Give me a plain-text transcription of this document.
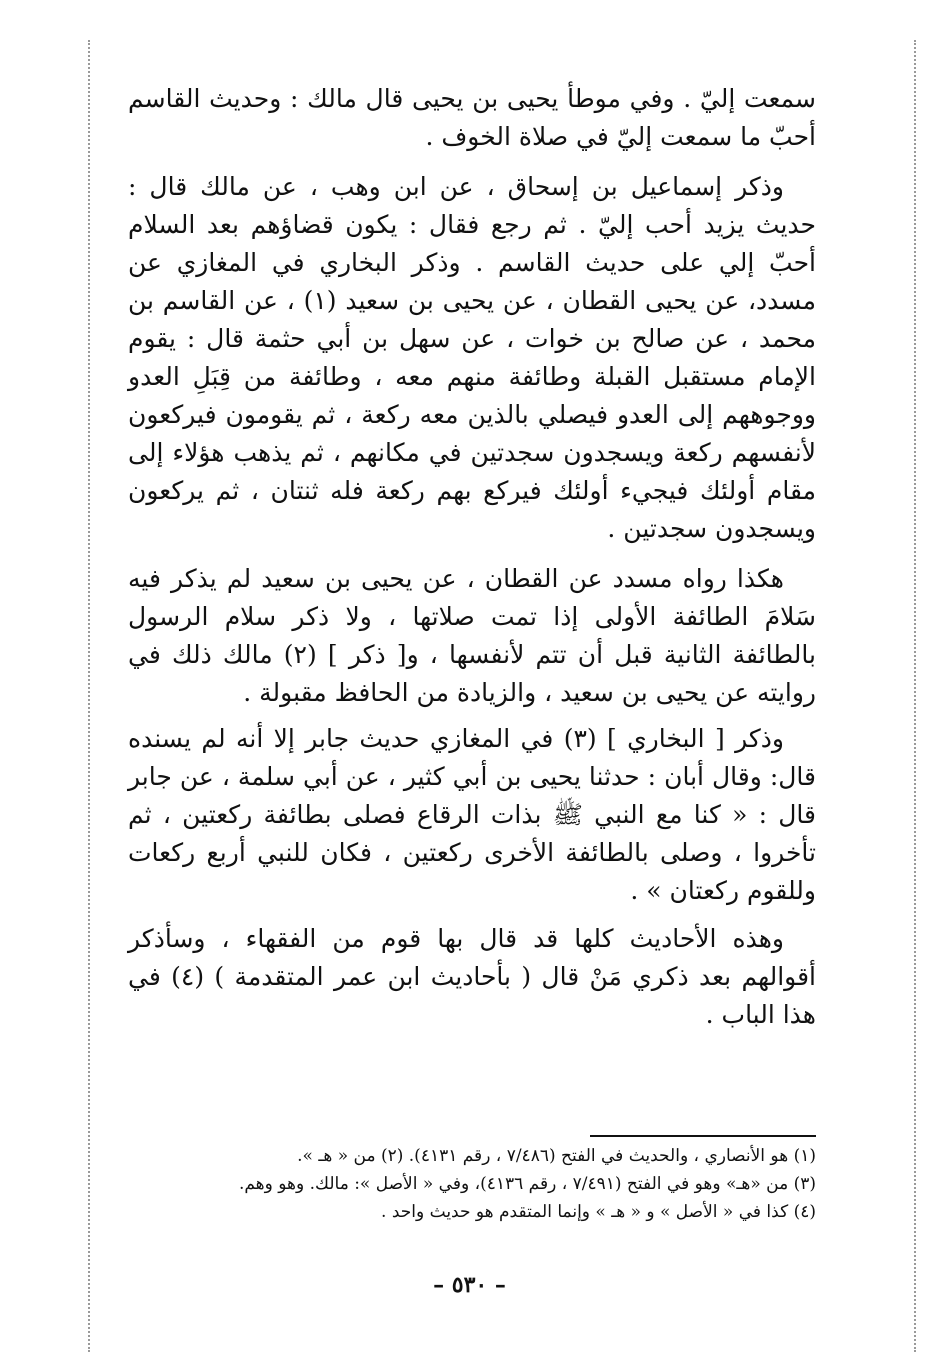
سمعت إليّ . وفي موطأ يحيى بن يحيى قال مالك : وحديث القاسم أحبّ ما سمعت إليّ في صلاة الخوف .

وذكر إسماعيل بن إسحاق ، عن ابن وهب ، عن مالك قال : حديث يزيد أحب إليّ . ثم رجع فقال : يكون قضاؤهم بعد السلام أحبّ إلي على حديث القاسم . وذكر البخاري في المغازي عن مسدد، عن يحيى القطان ، عن يحيى بن سعيد (١) ، عن القاسم بن محمد ، عن صالح بن خوات ، عن سهل بن أبي حثمة قال : يقوم الإمام مستقبل القبلة وطائفة منهم معه ، وطائفة من قِبَلِ العدو ووجوههم إلى العدو فيصلي بالذين معه ركعة ، ثم يقومون فيركعون لأنفسهم ركعة ويسجدون سجدتين في مكانهم ، ثم يذهب هؤلاء إلى مقام أولئك فيجيء أولئك فيركع بهم ركعة فله ثنتان ، ثم يركعون ويسجدون سجدتين .

هكذا رواه مسدد عن القطان ، عن يحيى بن سعيد لم يذكر فيه سَلامَ الطائفة الأولى إذا تمت صلاتها ، ولا ذكر سلام الرسول بالطائفة الثانية قبل أن تتم لأنفسها ، و[ ذكر ] (٢) مالك ذلك في روايته عن يحيى بن سعيد ، والزيادة من الحافظ مقبولة .

وذكر [ البخاري ] (٣) في المغازي حديث جابر إلا أنه لم يسنده قال: وقال أبان : حدثنا يحيى بن أبي كثير ، عن أبي سلمة ، عن جابر قال : « كنا مع النبي ﷺ بذات الرقاع فصلى بطائفة ركعتين ، ثم تأخروا ، وصلى بالطائفة الأخرى ركعتين ، فكان للنبي أربع ركعات وللقوم ركعتان » .

وهذه الأحاديث كلها قد قال بها قوم من الفقهاء ، وسأذكر أقوالهم بعد ذكري مَنْ قال ( بأحاديث ابن عمر المتقدمة ) (٤) في هذا الباب .

(١) هو الأنصاري ، والحديث في الفتح (٧/٤٨٦ ، رقم ٤١٣١). (٢) من « هـ ».

(٣) من «هـ» وهو في الفتح (٧/٤٩١ ، رقم ٤١٣٦)، وفي « الأصل »: مالك. وهو وهم.

(٤) كذا في « الأصل » و « هـ » وإنما المتقدم هو حديث واحد .

– ٥٣٠ –
